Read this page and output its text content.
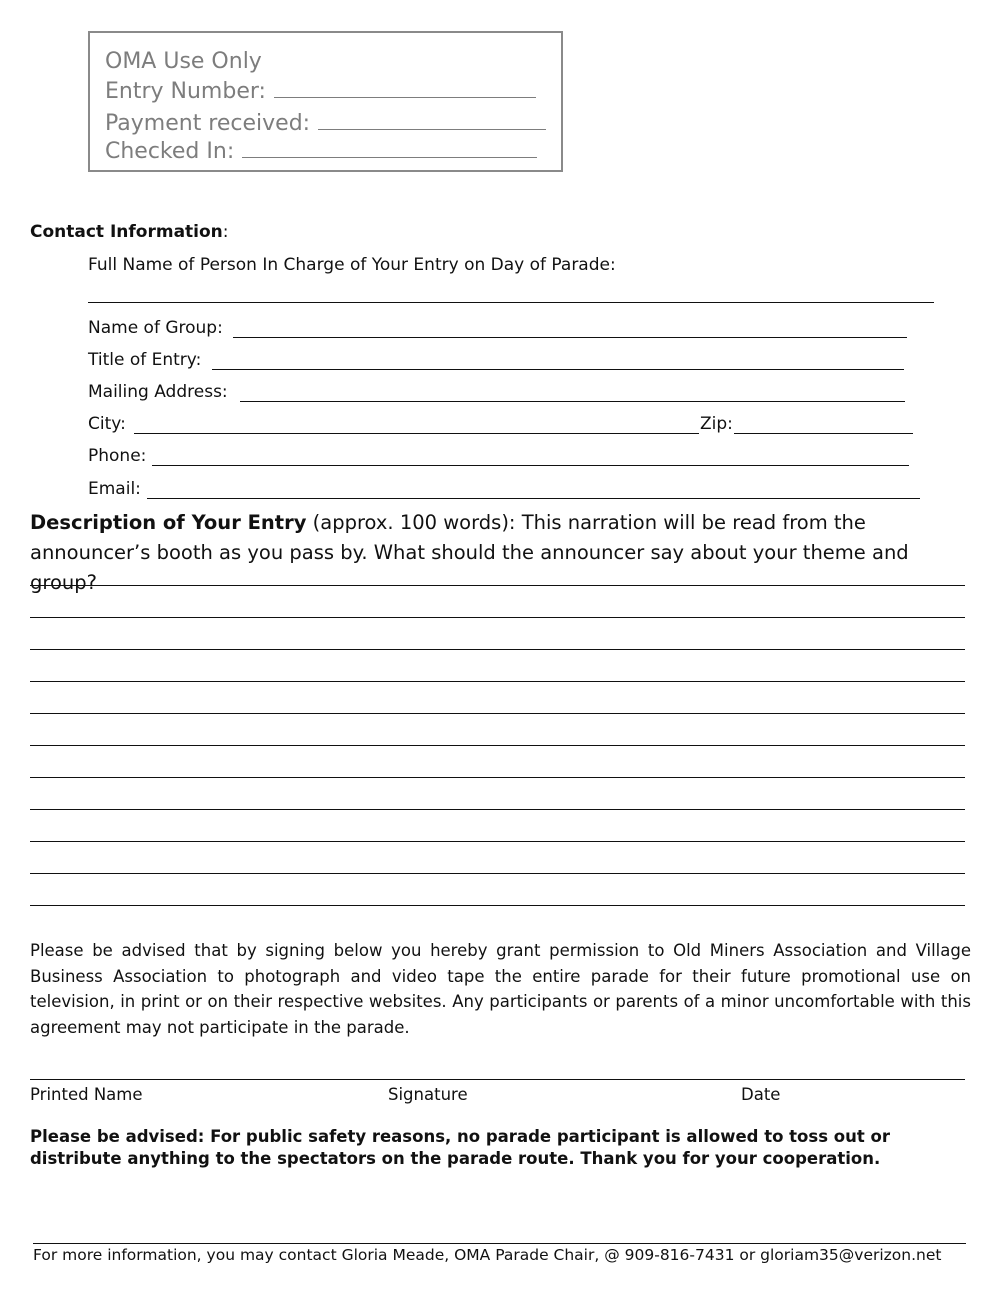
OMA Use Only
Entry Number:
Payment received:
Checked In:
Contact Information:
Full Name of Person In Charge of Your Entry on Day of Parade:
Name of Group:
Title of Entry:
Mailing Address:
City:	Zip:
Phone:
Email:
Description of Your Entry (approx. 100 words): This narration will be read from the announcer’s booth as you pass by. What should the announcer say about your theme and group?
Please be advised that by signing below you hereby grant permission to Old Miners Association and Village Business Association to photograph and video tape the entire parade for their future promotional use on television, in print or on their respective websites. Any participants or parents of a minor uncomfortable with this agreement may not participate in the parade.
Printed Name	Signature	Date
Please be advised: For public safety reasons, no parade participant is allowed to toss out or distribute anything to the spectators on the parade route. Thank you for your cooperation.
For more information, you may contact Gloria Meade, OMA Parade Chair, @ 909-816-7431 or gloriam35@verizon.net
